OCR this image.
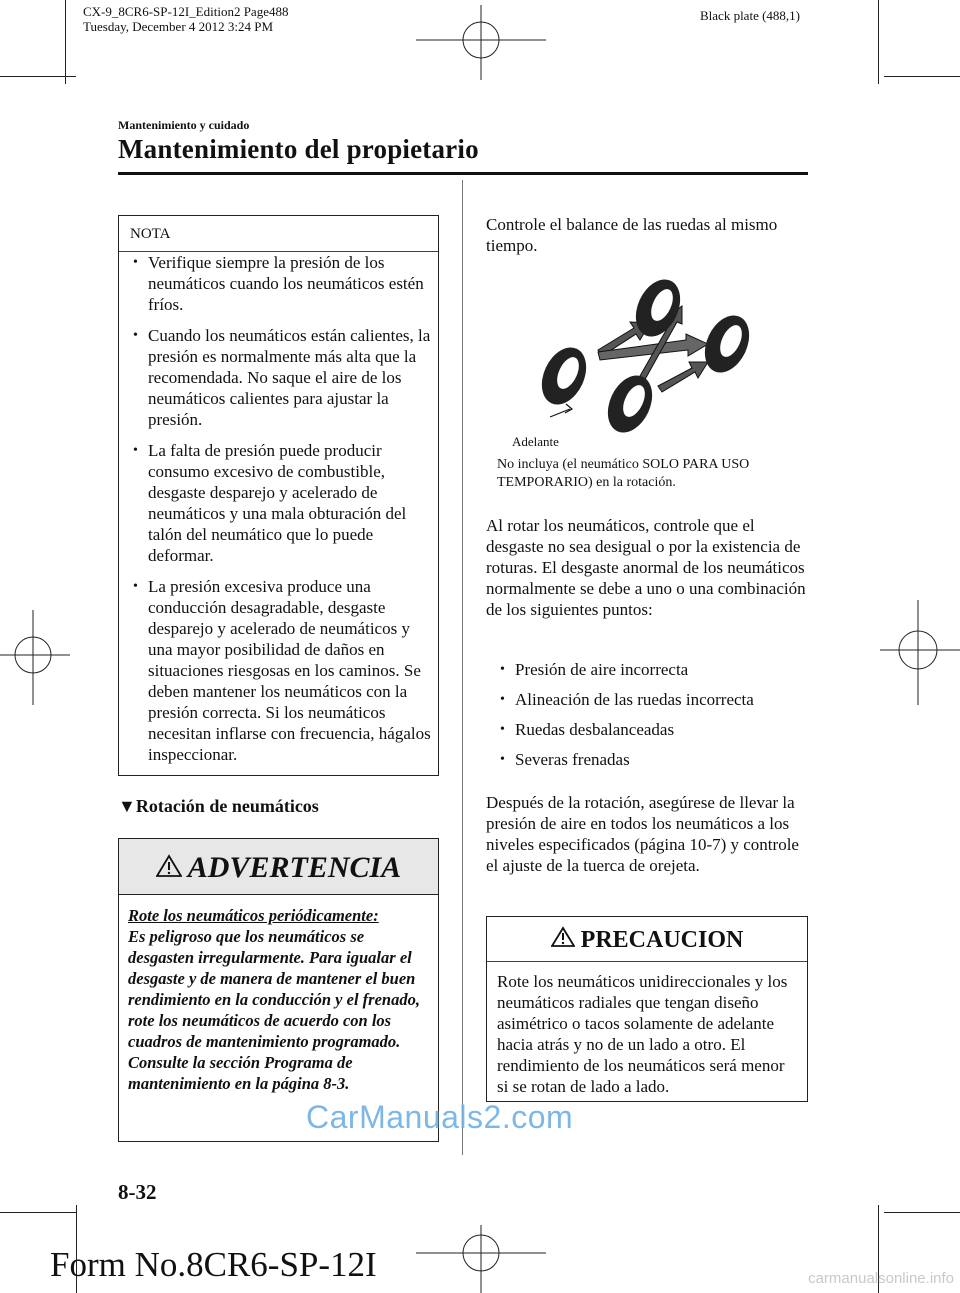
CX-9_8CR6-SP-12I_Edition2 Page488
Tuesday, December 4 2012 3:24 PM
Black plate (488,1)
Mantenimiento y cuidado
Mantenimiento del propietario
NOTA
• Verifique siempre la presión de los neumáticos cuando los neumáticos estén fríos.
• Cuando los neumáticos están calientes, la presión es normalmente más alta que la recomendada. No saque el aire de los neumáticos calientes para ajustar la presión.
• La falta de presión puede producir consumo excesivo de combustible, desgaste desparejo y acelerado de neumáticos y una mala obturación del talón del neumático que lo puede deformar.
• La presión excesiva produce una conducción desagradable, desgaste desparejo y acelerado de neumáticos y una mayor posibilidad de daños en situaciones riesgosas en los caminos. Se deben mantener los neumáticos con la presión correcta. Si los neumáticos necesitan inflarse con frecuencia, hágalos inspeccionar.
▼Rotación de neumáticos
ADVERTENCIA
Rote los neumáticos periódicamente:
Es peligroso que los neumáticos se desgasten irregularmente. Para igualar el desgaste y de manera de mantener el buen rendimiento en la conducción y el frenado, rote los neumáticos de acuerdo con los cuadros de mantenimiento programado.
Consulte la sección Programa de mantenimiento en la página 8-3.
Controle el balance de las ruedas al mismo tiempo.
Adelante
No incluya (el neumático SOLO PARA USO TEMPORARIO) en la rotación.
Al rotar los neumáticos, controle que el desgaste no sea desigual o por la existencia de roturas. El desgaste anormal de los neumáticos normalmente se debe a uno o una combinación de los siguientes puntos:
• Presión de aire incorrecta
• Alineación de las ruedas incorrecta
• Ruedas desbalanceadas
• Severas frenadas
Después de la rotación, asegúrese de llevar la presión de aire en todos los neumáticos a los niveles especificados (página 10-7) y controle el ajuste de la tuerca de orejeta.
PRECAUCION
Rote los neumáticos unidireccionales y los neumáticos radiales que tengan diseño asimétrico o tacos solamente de adelante hacia atrás y no de un lado a otro. El rendimiento de los neumáticos será menor si se rotan de lado a lado.
8-32
Form No.8CR6-SP-12I
CarManuals2.com
carmanualsonline.info
